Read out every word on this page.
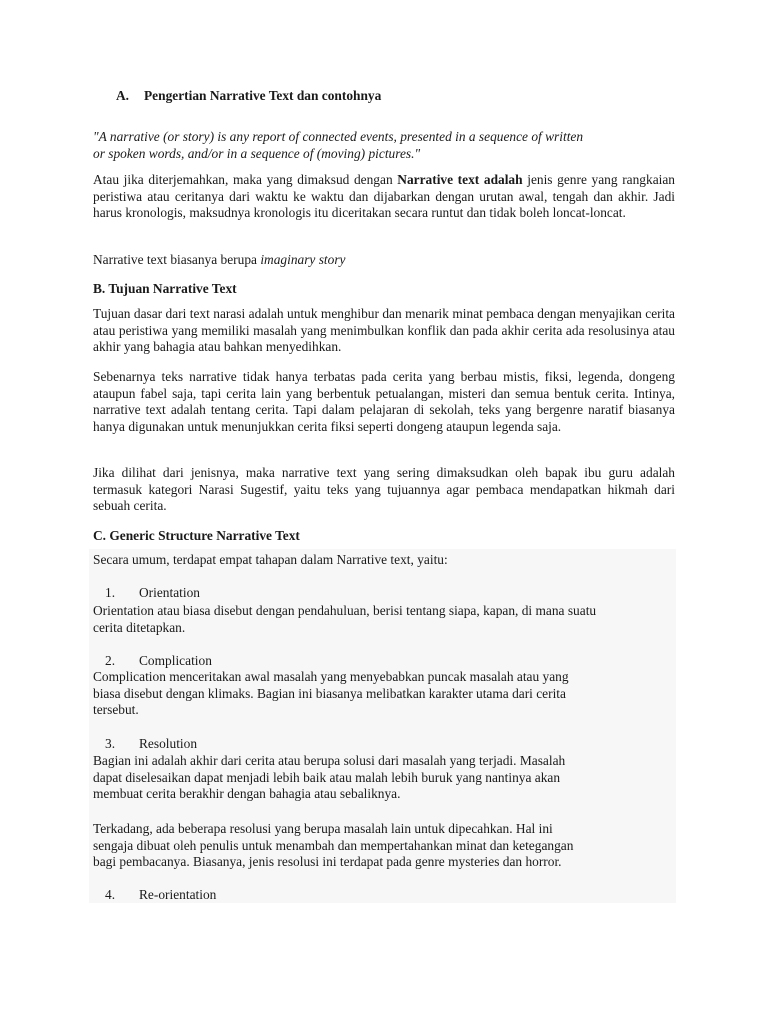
A. Pengertian Narrative Text dan contohnya
"A narrative (or story) is any report of connected events, presented in a sequence of written
or spoken words, and/or in a sequence of (moving) pictures."

Atau jika diterjemahkan, maka yang dimaksud dengan Narrative text adalah jenis genre yang rangkaian peristiwa atau ceritanya dari waktu ke waktu dan dijabarkan dengan urutan awal, tengah dan akhir. Jadi harus kronologis, maksudnya kronologis itu diceritakan secara runtut dan tidak boleh loncat-loncat.

Narrative text biasanya berupa imaginary story

B. Tujuan Narrative Text

Tujuan dasar dari text narasi adalah untuk menghibur dan menarik minat pembaca dengan menyajikan cerita atau peristiwa yang memiliki masalah yang menimbulkan konflik dan pada akhir cerita ada resolusinya atau akhir yang bahagia atau bahkan menyedihkan.

Sebenarnya teks narrative tidak hanya terbatas pada cerita yang berbau mistis, fiksi, legenda, dongeng ataupun fabel saja, tapi cerita lain yang berbentuk petualangan, misteri dan semua bentuk cerita. Intinya, narrative text adalah tentang cerita. Tapi dalam pelajaran di sekolah, teks yang bergenre naratif biasanya hanya digunakan untuk menunjukkan cerita fiksi seperti dongeng ataupun legenda saja.

Jika dilihat dari jenisnya, maka narrative text yang sering dimaksudkan oleh bapak ibu guru adalah termasuk kategori Narasi Sugestif, yaitu teks yang tujuannya agar pembaca mendapatkan hikmah dari sebuah cerita.

C. Generic Structure Narrative Text
Secara umum, terdapat empat tahapan dalam Narrative text, yaitu:
1. Orientation
Orientation atau biasa disebut dengan pendahuluan, berisi tentang siapa, kapan, di mana suatu
cerita ditetapkan.
2. Complication
Complication menceritakan awal masalah yang menyebabkan puncak masalah atau yang
biasa disebut dengan klimaks. Bagian ini biasanya melibatkan karakter utama dari cerita
tersebut.
3. Resolution
Bagian ini adalah akhir dari cerita atau berupa solusi dari masalah yang terjadi. Masalah
dapat diselesaikan dapat menjadi lebih baik atau malah lebih buruk yang nantinya akan
membuat cerita berakhir dengan bahagia atau sebaliknya.
Terkadang, ada beberapa resolusi yang berupa masalah lain untuk dipecahkan. Hal ini
sengaja dibuat oleh penulis untuk menambah dan mempertahankan minat dan ketegangan
bagi pembacanya. Biasanya, jenis resolusi ini terdapat pada genre mysteries dan horror.
4. Re-orientation
